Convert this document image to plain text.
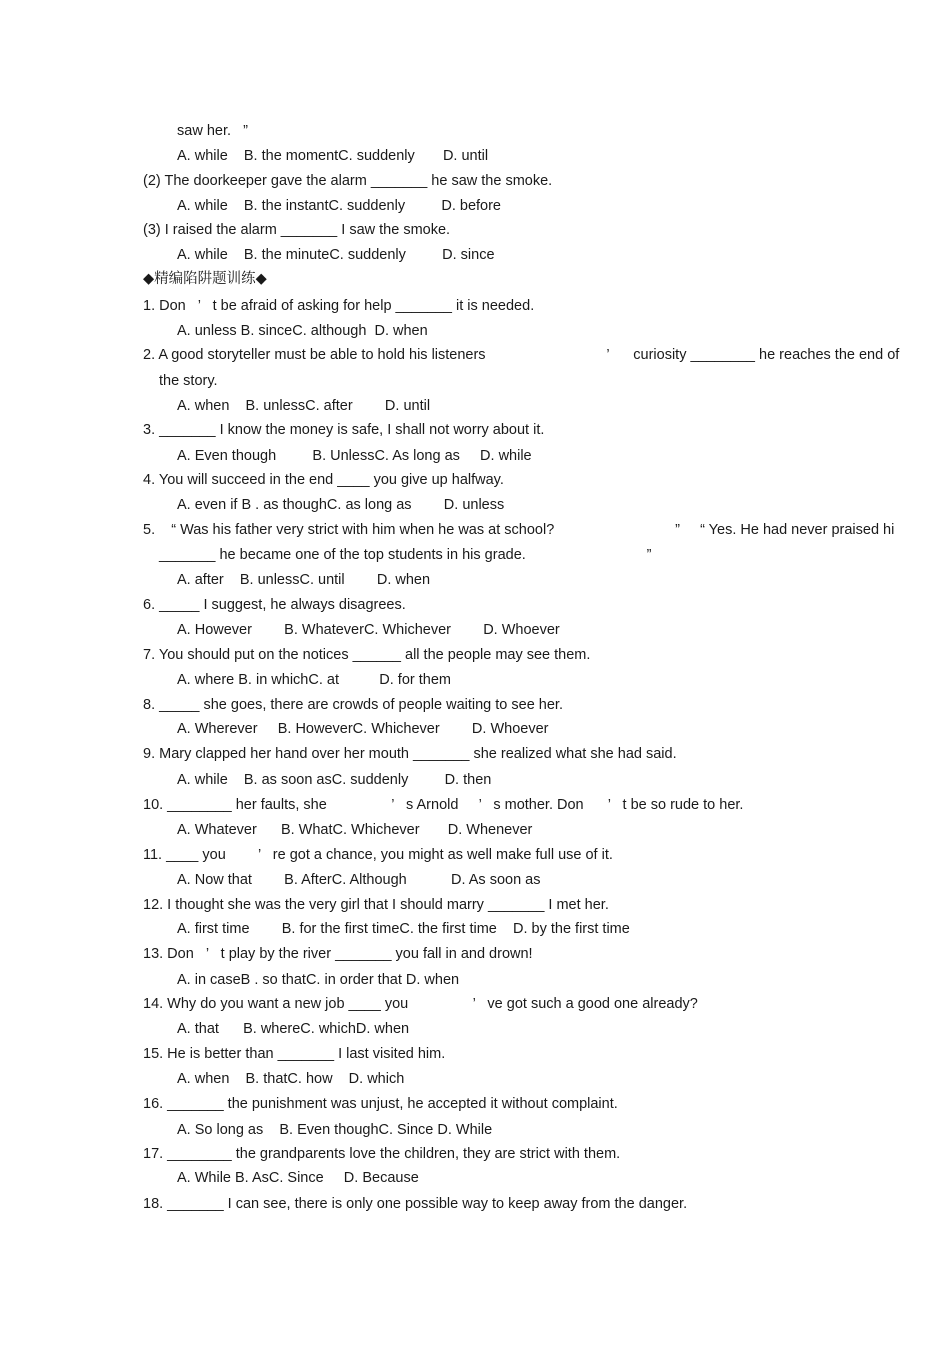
saw her.   ”
A. while    B. the momentC. suddenly       D. until
(2) The doorkeeper gave the alarm _______ he saw the smoke.
A. while    B. the instantC. suddenly         D. before
(3) I raised the alarm _______ I saw the smoke.
A. while    B. the minuteC. suddenly         D. since
◆精编陷阱题训练◆
1. Don   ’   t be afraid of asking for help _______ it is needed.
A. unless B. sinceC. although  D. when
2. A good storyteller must be able to hold his listeners                              ’      curiosity ________ he reaches the end of
the story.
A. when    B. unlessC. after        D. until
3. _______ I know the money is safe, I shall not worry about it.
A. Even though         B. UnlessC. As long as     D. while
4. You will succeed in the end ____ you give up halfway.
A. even if B . as thoughC. as long as        D. unless
5.    “ Was his father very strict with him when he was at school?                              ”     “ Yes. He had never praised hi
_______ he became one of the top students in his grade.                              ”
A. after    B. unlessC. until        D. when
6. _____ I suggest, he always disagrees.
A. However        B. WhateverC. Whichever        D. Whoever
7. You should put on the notices ______ all the people may see them.
A. where B. in whichC. at          D. for them
8. _____ she goes, there are crowds of people waiting to see her.
A. Wherever     B. HoweverC. Whichever        D. Whoever
9. Mary clapped her hand over her mouth _______ she realized what she had said.
A. while    B. as soon asC. suddenly         D. then
10. ________ her faults, she                ’   s Arnold     ’   s mother. Don      ’   t be so rude to her.
A. Whatever      B. WhatC. Whichever       D. Whenever
11. ____ you        ’   re got a chance, you might as well make full use of it.
A. Now that        B. AfterC. Although           D. As soon as
12. I thought she was the very girl that I should marry _______ I met her.
A. first time        B. for the first timeC. the first time    D. by the first time
13. Don   ’   t play by the river _______ you fall in and drown!
A. in caseB . so thatC. in order that D. when
14. Why do you want a new job ____ you                ’   ve got such a good one already?
A. that      B. whereC. whichD. when
15. He is better than _______ I last visited him.
A. when    B. thatC. how    D. which
16. _______ the punishment was unjust, he accepted it without complaint.
A. So long as    B. Even thoughC. Since D. While
17. ________ the grandparents love the children, they are strict with them.
A. While B. AsC. Since     D. Because
18. _______ I can see, there is only one possible way to keep away from the danger.
